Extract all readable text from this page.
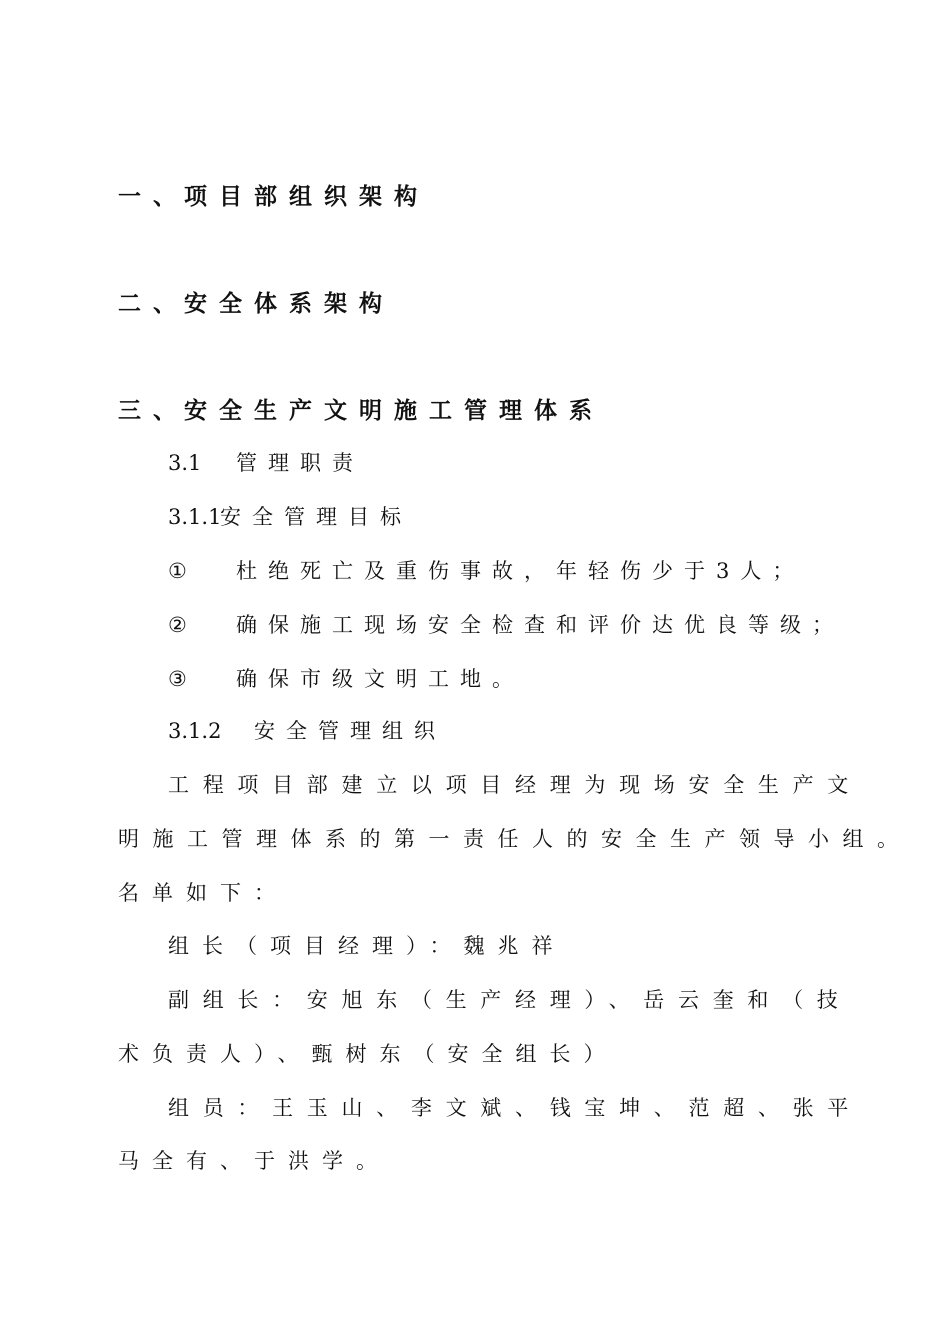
一、项目部组织架构
二、安全体系架构
三、安全生产文明施工管理体系
3.1 管理职责
3.1.1安全管理目标
① 杜绝死亡及重伤事故，年轻伤少于3人；
② 确保施工现场安全检查和评价达优良等级；
③ 确保市级文明工地。
3.1.2 安全管理组织
工程项目部建立以项目经理为现场安全生产文
明施工管理体系的第一责任人的安全生产领导小组。
名单如下：
组长（项目经理）：魏兆祥
副组长：安旭东（生产经理）、岳云奎和（技
术负责人）、甄树东（安全组长）
组员：王玉山、李文斌、钱宝坤、范超、张平
马全有、于洪学。
